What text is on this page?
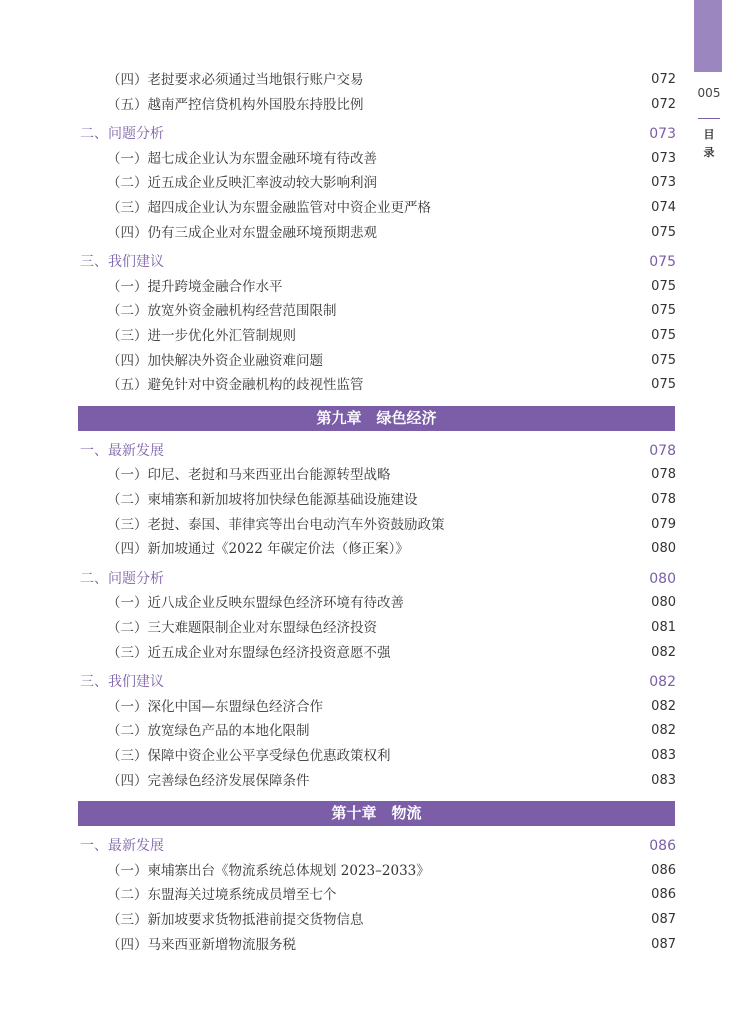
005
目
录
（四）老挝要求必须通过当地银行账户交易	072
（五）越南严控信贷机构外国股东持股比例	072
二、问题分析	073
（一）超七成企业认为东盟金融环境有待改善	073
（二）近五成企业反映汇率波动较大影响利润	073
（三）超四成企业认为东盟金融监管对中资企业更严格	074
（四）仍有三成企业对东盟金融环境预期悲观	075
三、我们建议	075
（一）提升跨境金融合作水平	075
（二）放宽外资金融机构经营范围限制	075
（三）进一步优化外汇管制规则	075
（四）加快解决外资企业融资难问题	075
（五）避免针对中资金融机构的歧视性监管	075
第九章　绿色经济
一、最新发展	078
（一）印尼、老挝和马来西亚出台能源转型战略	078
（二）柬埔寨和新加坡将加快绿色能源基础设施建设	078
（三）老挝、泰国、菲律宾等出台电动汽车外资鼓励政策	079
（四）新加坡通过《2022 年碳定价法（修正案）》	080
二、问题分析	080
（一）近八成企业反映东盟绿色经济环境有待改善	080
（二）三大难题限制企业对东盟绿色经济投资	081
（三）近五成企业对东盟绿色经济投资意愿不强	082
三、我们建议	082
（一）深化中国—东盟绿色经济合作	082
（二）放宽绿色产品的本地化限制	082
（三）保障中资企业公平享受绿色优惠政策权利	083
（四）完善绿色经济发展保障条件	083
第十章　物流
一、最新发展	086
（一）柬埔寨出台《物流系统总体规划 2023–2033》	086
（二）东盟海关过境系统成员增至七个	086
（三）新加坡要求货物抵港前提交货物信息	087
（四）马来西亚新增物流服务税	087
